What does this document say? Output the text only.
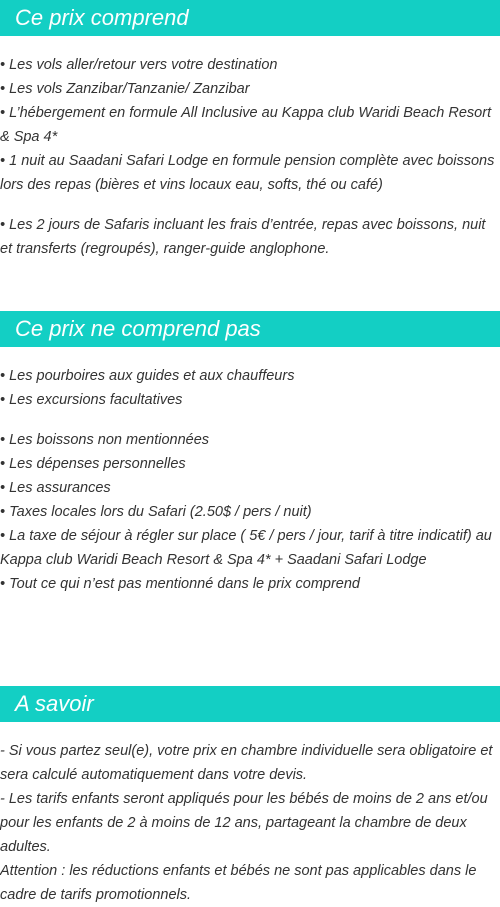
Ce prix comprend

• Les vols aller/retour vers votre destination

• Les vols Zanzibar/Tanzanie/ Zanzibar

• L’hébergement en formule All Inclusive au Kappa club Waridi Beach Resort & Spa 4*

• 1 nuit au Saadani Safari Lodge en formule pension complète avec boissons lors des repas (bières et vins locaux eau, softs, thé ou café)

• Les 2 jours de Safaris incluant les frais d’entrée, repas avec boissons, nuit et transferts (regroupés), ranger-guide anglophone.

Ce prix ne comprend pas

• Les pourboires aux guides et aux chauffeurs

• Les excursions facultatives

• Les boissons non mentionnées

• Les dépenses personnelles

• Les assurances

• Taxes locales lors du Safari (2.50$ / pers / nuit)

• La taxe de séjour à régler sur place ( 5€ / pers / jour, tarif à titre indicatif) au Kappa club Waridi Beach Resort & Spa 4* + Saadani Safari Lodge

• Tout ce qui n’est pas mentionné dans le prix comprend

A savoir

- Si vous partez seul(e), votre prix en chambre individuelle sera obligatoire et sera calculé automatiquement dans votre devis.

- Les tarifs enfants seront appliqués pour les bébés de moins de 2 ans et/ou pour les enfants de 2 à moins de 12 ans, partageant la chambre de deux adultes.

Attention : les réductions enfants et bébés ne sont pas applicables dans le cadre de tarifs promotionnels.
